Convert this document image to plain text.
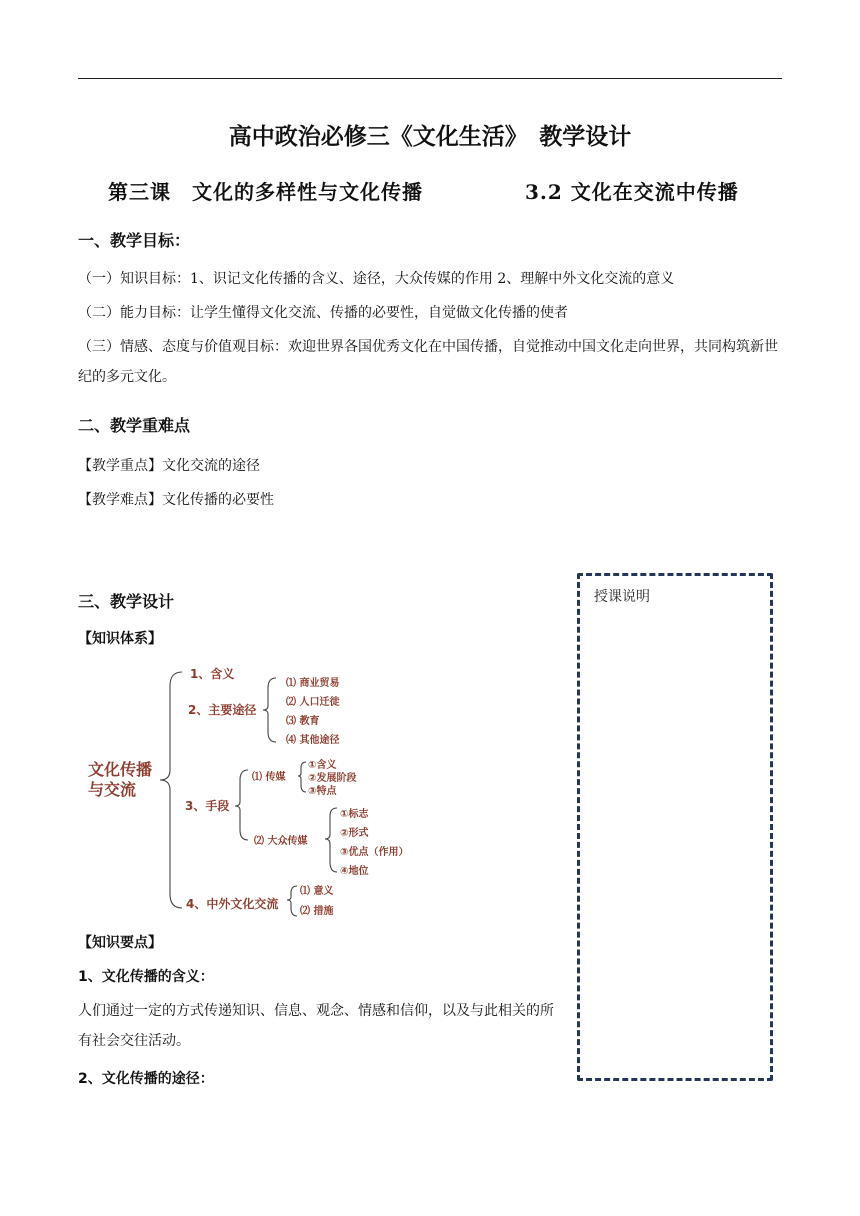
高中政治必修三《文化生活》　教学设计
第三课　文化的多样性与文化传播	3.2 文化在交流中传播
一、教学目标：
（一）知识目标：1、识记文化传播的含义、途径，大众传媒的作用 2、理解中外文化交流的意义
（二）能力目标：让学生懂得文化交流、传播的必要性，自觉做文化传播的使者
（三）情感、态度与价值观目标：欢迎世界各国优秀文化在中国传播，自觉推动中国文化走向世界，共同构筑新世纪的多元文化。
二、教学重难点
【教学重点】文化交流的途径
【教学难点】文化传播的必要性
三、教学设计
【知识体系】
文化传播
与交流
1、含义
2、主要途径
⑴ 商业贸易
⑵ 人口迁徙
⑶ 教育
⑷ 其他途径
3、手段
⑴ 传媒
①含义
②发展阶段
③特点
⑵ 大众传媒
①标志
②形式
③优点（作用）
④地位
4、中外文化交流
⑴ 意义
⑵ 措施
【知识要点】
1、文化传播的含义：
人们通过一定的方式传递知识、信息、观念、情感和信仰，以及与此相关的所有社会交往活动。
2、文化传播的途径：
授课说明
